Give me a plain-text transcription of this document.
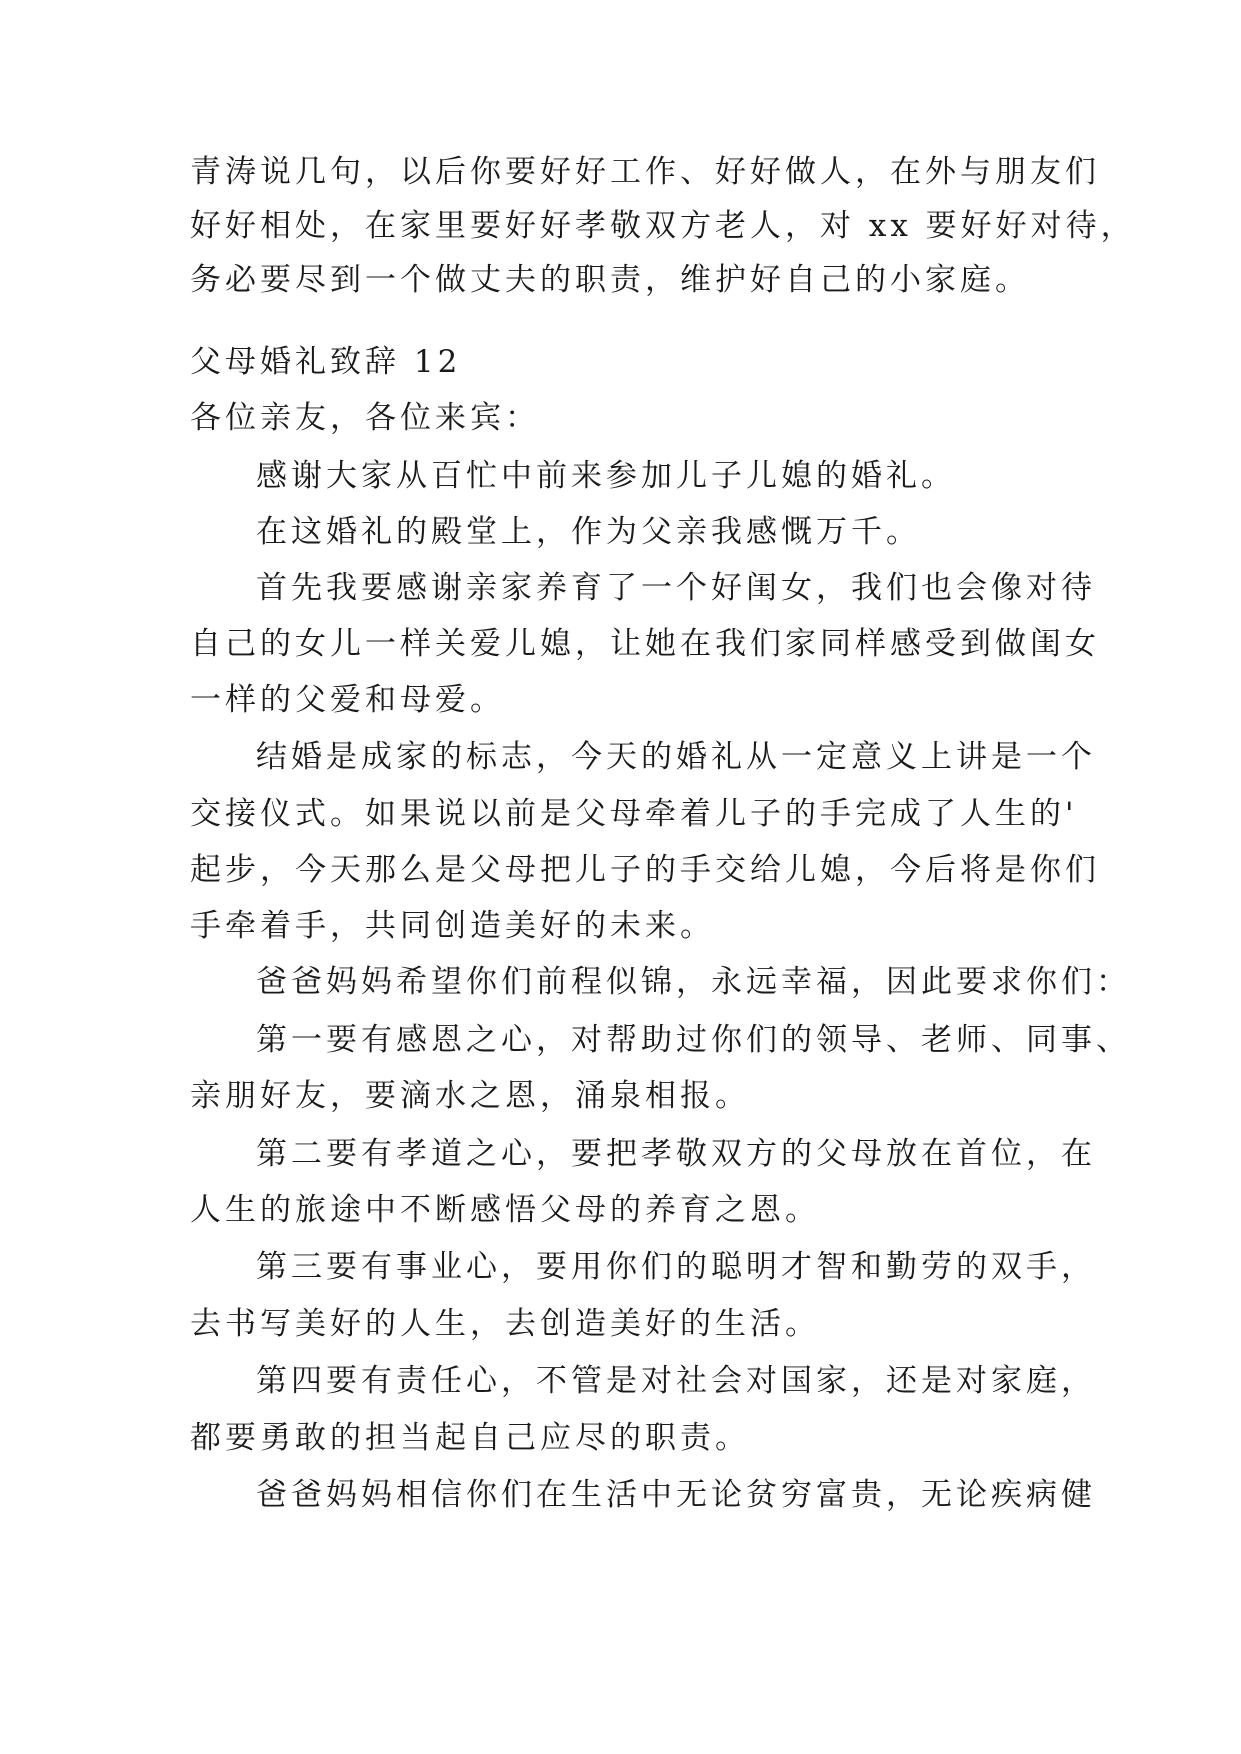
青涛说几句，以后你要好好工作、好好做人，在外与朋友们
好好相处，在家里要好好孝敬双方老人，对 xx 要好好对待，
务必要尽到一个做丈夫的职责，维护好自己的小家庭。
父母婚礼致辞 12
各位亲友，各位来宾：
感谢大家从百忙中前来参加儿子儿媳的婚礼。
在这婚礼的殿堂上，作为父亲我感慨万千。
首先我要感谢亲家养育了一个好闺女，我们也会像对待
自己的女儿一样关爱儿媳，让她在我们家同样感受到做闺女
一样的父爱和母爱。
结婚是成家的标志，今天的婚礼从一定意义上讲是一个
交接仪式。如果说以前是父母牵着儿子的手完成了人生的'
起步，今天那么是父母把儿子的手交给儿媳，今后将是你们
手牵着手，共同创造美好的未来。
爸爸妈妈希望你们前程似锦，永远幸福，因此要求你们：
第一要有感恩之心，对帮助过你们的领导、老师、同事、
亲朋好友，要滴水之恩，涌泉相报。
第二要有孝道之心，要把孝敬双方的父母放在首位，在
人生的旅途中不断感悟父母的养育之恩。
第三要有事业心，要用你们的聪明才智和勤劳的双手，
去书写美好的人生，去创造美好的生活。
第四要有责任心，不管是对社会对国家，还是对家庭，
都要勇敢的担当起自己应尽的职责。
爸爸妈妈相信你们在生活中无论贫穷富贵，无论疾病健
